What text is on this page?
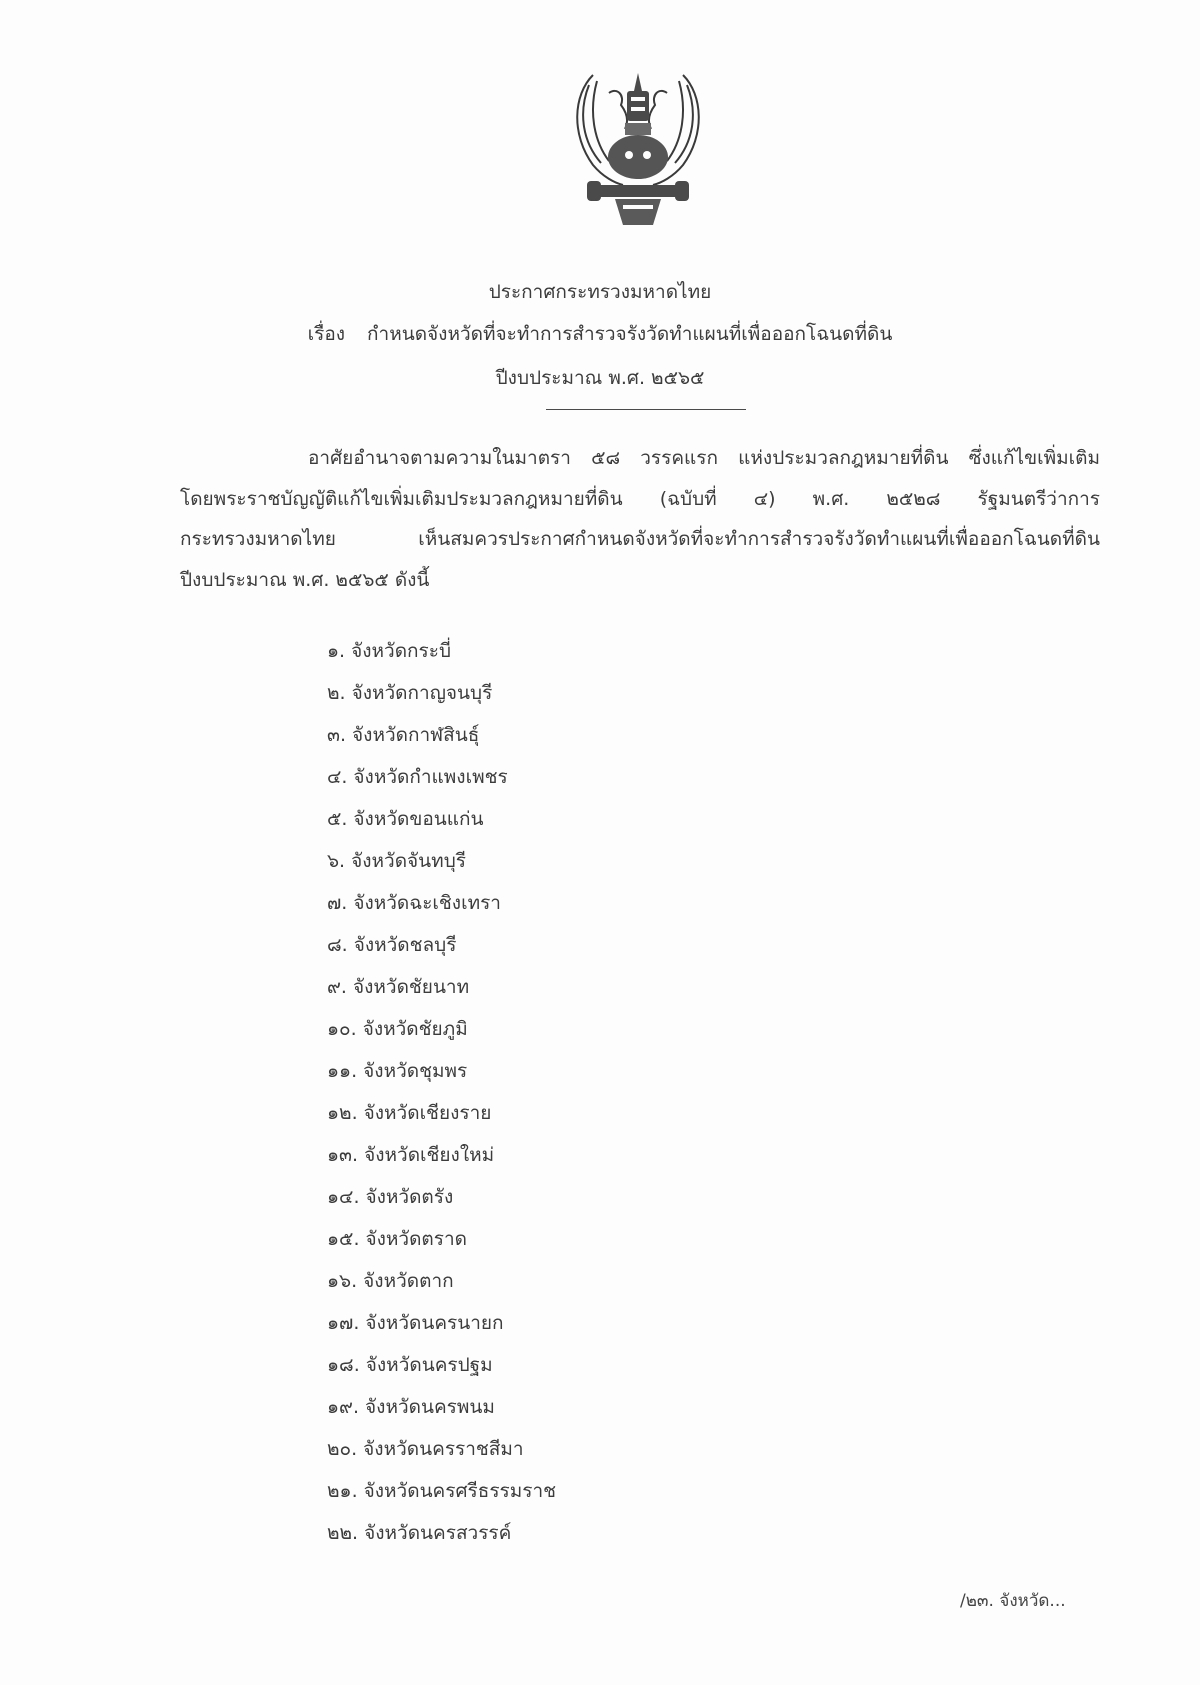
ประกาศกระทรวงมหาดไทย
เรื่อง กำหนดจังหวัดที่จะทำการสำรวจรังวัดทำแผนที่เพื่อออกโฉนดที่ดิน
ปีงบประมาณ พ.ศ. ๒๕๖๕
อาศัยอำนาจตามความในมาตรา ๕๘ วรรคแรก แห่งประมวลกฎหมายที่ดิน ซึ่งแก้ไขเพิ่มเติม
โดยพระราชบัญญัติแก้ไขเพิ่มเติมประมวลกฎหมายที่ดิน (ฉบับที่ ๔) พ.ศ. ๒๕๒๘ รัฐมนตรีว่าการ
กระทรวงมหาดไทย เห็นสมควรประกาศกำหนดจังหวัดที่จะทำการสำรวจรังวัดทำแผนที่เพื่อออกโฉนดที่ดิน
ปีงบประมาณ พ.ศ. ๒๕๖๕ ดังนี้
๑. จังหวัดกระบี่
๒. จังหวัดกาญจนบุรี
๓. จังหวัดกาฬสินธุ์
๔. จังหวัดกำแพงเพชร
๕. จังหวัดขอนแก่น
๖. จังหวัดจันทบุรี
๗. จังหวัดฉะเชิงเทรา
๘. จังหวัดชลบุรี
๙. จังหวัดชัยนาท
๑๐. จังหวัดชัยภูมิ
๑๑. จังหวัดชุมพร
๑๒. จังหวัดเชียงราย
๑๓. จังหวัดเชียงใหม่
๑๔. จังหวัดตรัง
๑๕. จังหวัดตราด
๑๖. จังหวัดตาก
๑๗. จังหวัดนครนายก
๑๘. จังหวัดนครปฐม
๑๙. จังหวัดนครพนม
๒๐. จังหวัดนครราชสีมา
๒๑. จังหวัดนครศรีธรรมราช
๒๒. จังหวัดนครสวรรค์
/๒๓. จังหวัด...
